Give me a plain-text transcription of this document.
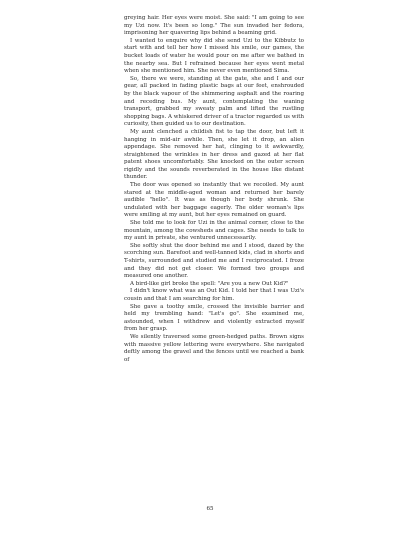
greying hair. Her eyes were moist. She said: "I am going to see my Uzi now. It's been so long." The sun invaded her fedora, imprisoning her quavering lips behind a beaming grid.

I wanted to enquire why did she send Uzi to the Kibbutz to start with and tell her how I missed his smile, our games, the bucket loads of water he would pour on me after we bathed in the nearby sea. But I refrained because her eyes went metal when she mentioned him. She never even mentioned Sima.

So, there we were, standing at the gate, she and I and our gear, all packed in fading plastic bags at our feet, enshrouded by the black vapour of the shimmering asphalt and the roaring and receding bus. My aunt, contemplating the waning transport, grabbed my sweaty palm and lifted the rustling shopping bags. A whiskered driver of a tractor regarded us with curiosity, then guided us to our destination.

My aunt clenched a childish fist to tap the door, but left it hanging in mid-air awhile. Then, she let it drop, an alien appendage. She removed her hat, clinging to it awkwardly, straightened the wrinkles in her dress and gazed at her flat patent shoes uncomfortably. She knocked on the outer screen rigidly and the sounds reverberated in the house like distant thunder.

The door was opened so instantly that we recoiled. My aunt stared at the middle-aged woman and returned her barely audible "hello". It was as though her body shrunk. She undulated with her baggage eagerly. The older woman's lips were smiling at my aunt, but her eyes remained on guard.

She told me to look for Uzi in the animal corner, close to the mountain, among the cowsheds and cages. She needs to talk to my aunt in private, she ventured unnecessarily.

She softly shut the door behind me and I stood, dazed by the scorching sun. Barefoot and well-tanned kids, clad in shorts and T-shirts, surrounded and studied me and I reciprocated. I froze and they did not get closer. We formed two groups and measured one another.

A bird-like girl broke the spell: "Are you a new Out Kid?"

I didn't know what was an Out Kid. I told her that I was Uzi's cousin and that I am searching for him.

She gave a toothy smile, crossed the invisible barrier and held my trembling hand: "Let's go". She examined me, astounded, when I withdrew and violently extracted myself from her grasp.

We silently traversed some green-hedged paths. Brown signs with massive yellow lettering were everywhere. She navigated deftly among the gravel and the fences until we reached a bank of

65
